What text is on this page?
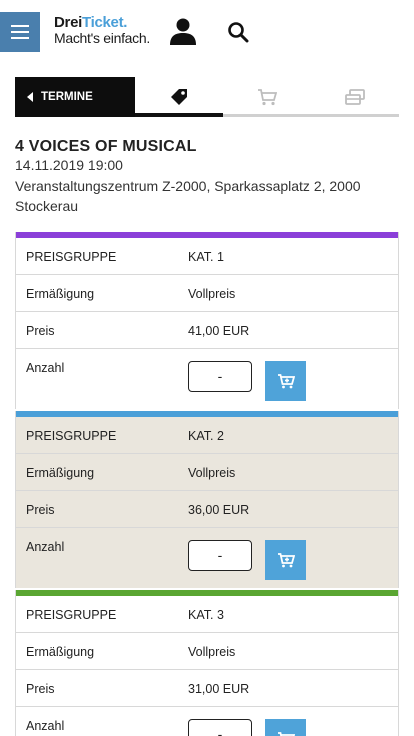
DreiTicket.
Macht's einfach.
TERMINE
4 VOICES OF MUSICAL
14.11.2019 19:00
Veranstaltungszentrum Z-2000, Sparkassaplatz 2, 2000 Stockerau
PREISGRUPPE	KAT. 1
Ermäßigung	Vollpreis
Preis	41,00 EUR
Anzahl	-
PREISGRUPPE	KAT. 2
Ermäßigung	Vollpreis
Preis	36,00 EUR
Anzahl	-
PREISGRUPPE	KAT. 3
Ermäßigung	Vollpreis
Preis	31,00 EUR
Anzahl	-
